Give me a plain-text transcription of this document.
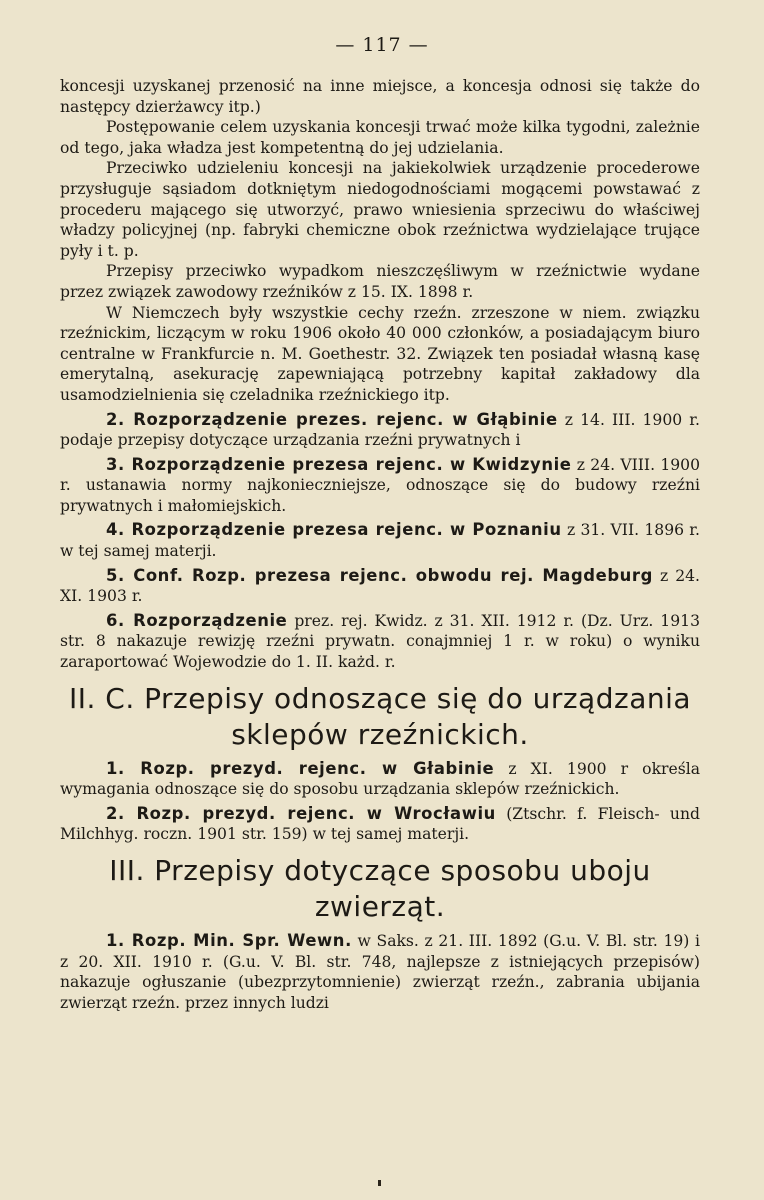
— 117 —

koncesji uzyskanej przenosić na inne miejsce, a koncesja odnosi się także do następcy dzierżawcy itp.)

Postępowanie celem uzyskania koncesji trwać może kilka tygodni, zależnie od tego, jaka władza jest kompetentną do jej udzielania.

Przeciwko udzieleniu koncesji na jakiekolwiek urządzenie procederowe przysługuje sąsiadom dotkniętym niedogodnościami mogącemi powstawać z procederu mającego się utworzyć, prawo wniesienia sprzeciwu do właściwej władzy policyjnej (np. fabryki chemiczne obok rzeźnictwa wydzielające trujące pyły i t. p.

Przepisy przeciwko wypadkom nieszczęśliwym w rzeźnictwie wydane przez związek zawodowy rzeźników z 15. IX. 1898 r.

W Niemczech były wszystkie cechy rzeźn. zrzeszone w niem. związku rzeźnickim, liczącym w roku 1906 około 40 000 członków, a posiadającym biuro centralne w Frankfurcie n. M. Goethestr. 32. Związek ten posiadał własną kasę emerytalną, asekurację zapewniającą potrzebny kapitał zakładowy dla usamodzielnienia się czeladnika rzeźnickiego itp.

2. Rozporządzenie prezes. rejenc. w Głąbinie z 14. III. 1900 r. podaje przepisy dotyczące urządzania rzeźni prywatnych i

3. Rozporządzenie prezesa rejenc. w Kwidzynie z 24. VIII. 1900 r. ustanawia normy najkonieczniejsze, odnoszące się do budowy rzeźni prywatnych i małomiejskich.

4. Rozporządzenie prezesa rejenc. w Poznaniu z 31. VII. 1896 r. w tej samej materji.

5. Conf. Rozp. prezesa rejenc. obwodu rej. Magdeburg z 24. XI. 1903 r.

6. Rozporządzenie prez. rej. Kwidz. z 31. XII. 1912 r. (Dz. Urz. 1913 str. 8 nakazuje rewizję rzeźni prywatn. conajmniej 1 r. w roku) o wyniku zaraportować Wojewodzie do 1. II. każd. r.

II. C. Przepisy odnoszące się do urządzania sklepów rzeźnickich.

1. Rozp. prezyd. rejenc. w Głabinie z XI. 1900 r określa wymagania odnoszące się do sposobu urządzania sklepów rzeźnickich.

2. Rozp. prezyd. rejenc. w Wrocławiu (Ztschr. f. Fleisch- und Milchhyg. roczn. 1901 str. 159) w tej samej materji.

III. Przepisy dotyczące sposobu uboju zwierząt.

1. Rozp. Min. Spr. Wewn. w Saks. z 21. III. 1892 (G.u. V. Bl. str. 19) i z 20. XII. 1910 r. (G.u. V. Bl. str. 748, najlepsze z istniejących przepisów) nakazuje ogłuszanie (ubezprzytomnienie) zwierząt rzeźn., zabrania ubijania zwierząt rzeźn. przez innych ludzi
